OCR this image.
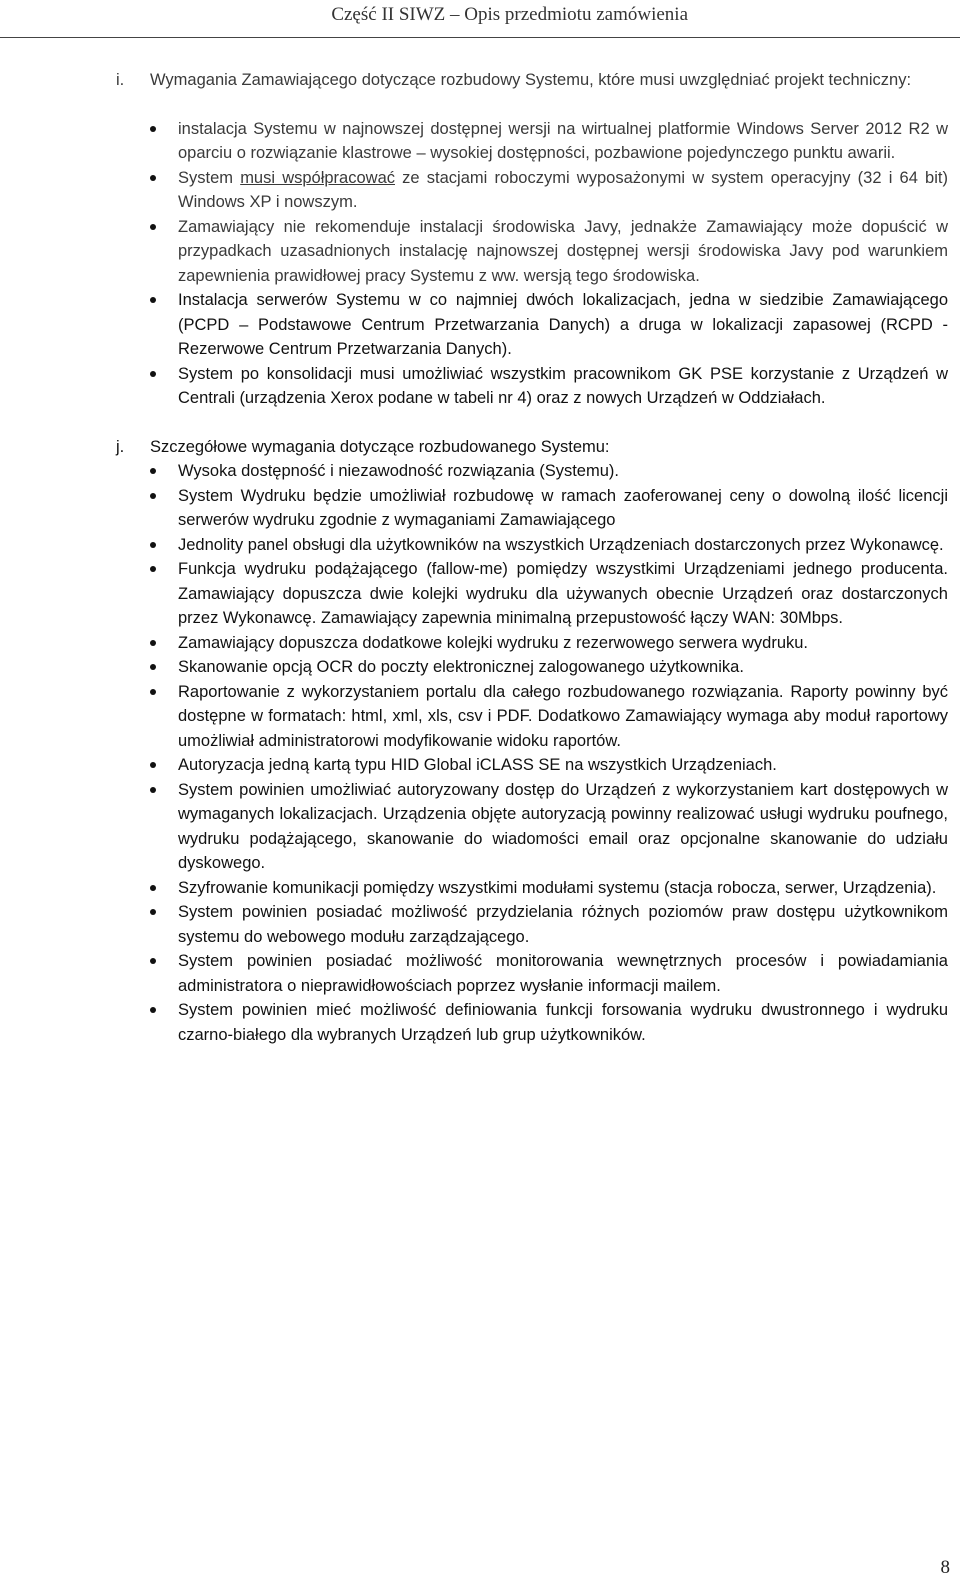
Część II SIWZ – Opis przedmiotu zamówienia
i. Wymagania Zamawiającego dotyczące rozbudowy Systemu, które musi uwzględniać projekt techniczny:
instalacja Systemu w najnowszej dostępnej wersji na wirtualnej platformie Windows Server 2012 R2 w oparciu o rozwiązanie klastrowe – wysokiej dostępności, pozbawione pojedynczego punktu awarii.
System musi współpracować ze stacjami roboczymi wyposażonymi w system operacyjny (32 i 64 bit) Windows XP i nowszym.
Zamawiający nie rekomenduje instalacji środowiska Javy, jednakże Zamawiający może dopuścić w przypadkach uzasadnionych instalację najnowszej dostępnej wersji środowiska Javy pod warunkiem zapewnienia prawidłowej pracy Systemu z ww. wersją tego środowiska.
Instalacja serwerów Systemu w co najmniej dwóch lokalizacjach, jedna w siedzibie Zamawiającego (PCPD – Podstawowe Centrum Przetwarzania Danych) a druga w lokalizacji zapasowej (RCPD - Rezerwowe Centrum Przetwarzania Danych).
System po konsolidacji musi umożliwiać wszystkim pracownikom GK PSE korzystanie z Urządzeń w Centrali (urządzenia Xerox podane w tabeli nr 4) oraz z nowych Urządzeń w Oddziałach.
j. Szczegółowe wymagania dotyczące rozbudowanego Systemu:
Wysoka dostępność i niezawodność rozwiązania (Systemu).
System Wydruku będzie umożliwiał rozbudowę w ramach zaoferowanej ceny o dowolną ilość licencji serwerów wydruku zgodnie z wymaganiami Zamawiającego
Jednolity panel obsługi dla użytkowników na wszystkich Urządzeniach dostarczonych przez Wykonawcę.
Funkcja wydruku podążającego (fallow-me) pomiędzy wszystkimi Urządzeniami jednego producenta. Zamawiający dopuszcza dwie kolejki wydruku dla używanych obecnie Urządzeń oraz dostarczonych przez Wykonawcę. Zamawiający zapewnia minimalną przepustowość łączy WAN: 30Mbps.
Zamawiający dopuszcza dodatkowe kolejki wydruku z rezerwowego serwera wydruku.
Skanowanie opcją OCR do poczty elektronicznej zalogowanego użytkownika.
Raportowanie z wykorzystaniem portalu dla całego rozbudowanego rozwiązania. Raporty powinny być dostępne w formatach: html, xml, xls, csv i PDF. Dodatkowo Zamawiający wymaga aby moduł raportowy umożliwiał administratorowi modyfikowanie widoku raportów.
Autoryzacja jedną kartą typu HID Global iCLASS SE na wszystkich Urządzeniach.
System powinien umożliwiać autoryzowany dostęp do Urządzeń z wykorzystaniem kart dostępowych w wymaganych lokalizacjach. Urządzenia objęte autoryzacją powinny realizować usługi wydruku poufnego, wydruku podążającego, skanowanie do wiadomości email oraz opcjonalne skanowanie do udziału dyskowego.
Szyfrowanie komunikacji pomiędzy wszystkimi modułami systemu (stacja robocza, serwer, Urządzenia).
System powinien posiadać możliwość przydzielania różnych poziomów praw dostępu użytkownikom systemu do webowego modułu zarządzającego.
System powinien posiadać możliwość monitorowania wewnętrznych procesów i powiadamiania administratora o nieprawidłowościach poprzez wysłanie informacji mailem.
System powinien mieć możliwość definiowania funkcji forsowania wydruku dwustronnego i wydruku czarno-białego dla wybranych Urządzeń lub grup użytkowników.
8
